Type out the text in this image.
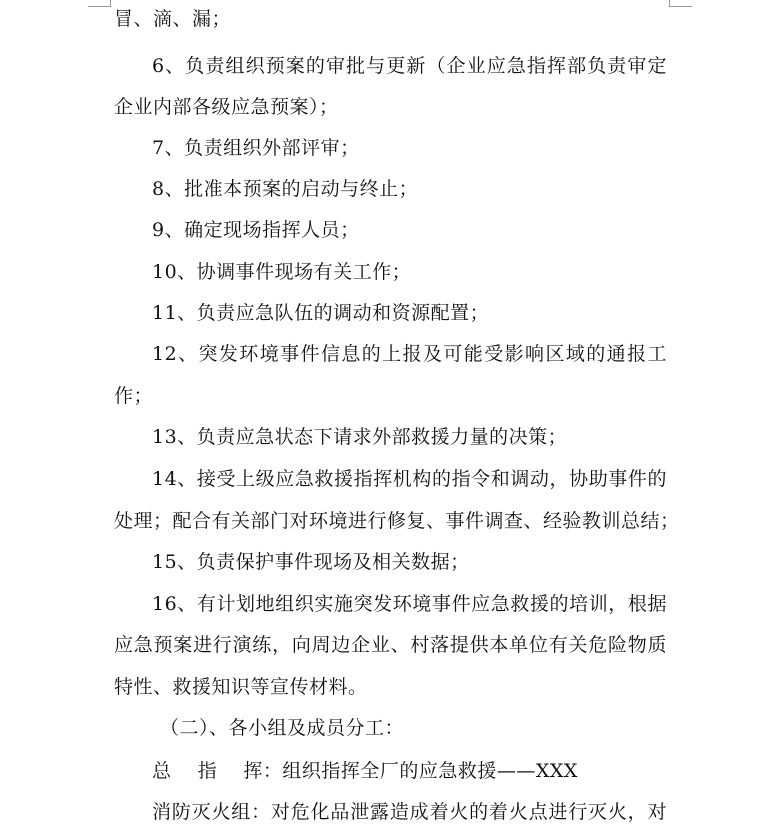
冒、滴、漏；
6、负责组织预案的审批与更新（企业应急指挥部负责审定
企业内部各级应急预案）；
7、负责组织外部评审；
8、批准本预案的启动与终止；
9、确定现场指挥人员；
10、协调事件现场有关工作；
11、负责应急队伍的调动和资源配置；
12、突发环境事件信息的上报及可能受影响区域的通报工
作；
13、负责应急状态下请求外部救援力量的决策；
14、接受上级应急救援指挥机构的指令和调动，协助事件的
处理；配合有关部门对环境进行修复、事件调查、经验教训总结；
15、负责保护事件现场及相关数据；
16、有计划地组织实施突发环境事件应急救援的培训，根据
应急预案进行演练，向周边企业、村落提供本单位有关危险物质
特性、救援知识等宣传材料。
（二）、各小组及成员分工：
总    指    挥：组织指挥全厂的应急救援——XXX
消防灭火组：对危化品泄露造成着火的着火点进行灭火，对
